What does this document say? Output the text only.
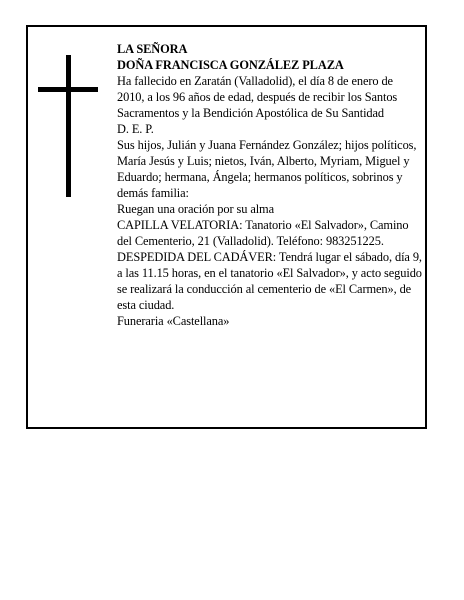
LA SEÑORA

DOÑA FRANCISCA GONZÁLEZ PLAZA

Ha fallecido en Zaratán (Valladolid), el día 8 de enero de 2010, a los 96 años de edad, después de recibir los Santos Sacramentos y la Bendición Apostólica de Su Santidad

D. E. P.

Sus hijos, Julián y Juana Fernández González; hijos políticos, María Jesús y Luis; nietos, Iván, Alberto, Myriam, Miguel y Eduardo; hermana, Ángela; hermanos políticos, sobrinos y demás familia:

Ruegan una oración por su alma

CAPILLA VELATORIA: Tanatorio «El Salvador», Camino del Cementerio, 21 (Valladolid). Teléfono: 983251225.

DESPEDIDA DEL CADÁVER: Tendrá lugar el sábado, día 9, a las 11.15 horas, en el tanatorio «El Salvador», y acto seguido se realizará la conducción al cementerio de «El Carmen», de esta ciudad.

Funeraria «Castellana»
